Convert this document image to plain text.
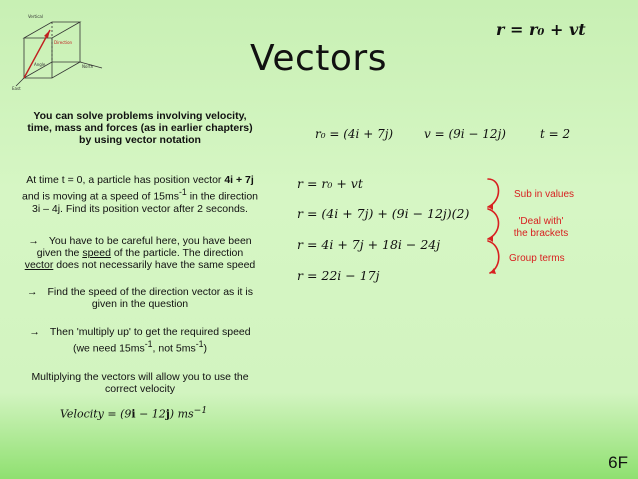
Vertical
Direction
Angle	North
East
Vectors
r = r₀ + vt
You can solve problems involving velocity, time, mass and forces (as in earlier chapters) by using vector notation
At time t = 0, a particle has position vector 4i + 7j and is moving at a speed of $15ms^{-1}$ in the direction 3i – 4j. Find its position vector after 2 seconds.

→ You have to be careful here, you have been given the speed of the particle. The direction vector does not necessarily have the same speed

→ Find the speed of the direction vector as it is given in the question

→ Then 'multiply up' to get the required speed (we need $15ms^{-1}$, not $5ms^{-1}$)

Multiplying the vectors will allow you to use the correct velocity
Velocity = (9i − 12j) $ms^{-1}$
r₀ = (4i + 7j)	v = (9i − 12j)	t = 2
r = r₀ + vt
r = (4i + 7j) + (9i − 12j)(2)
r = 4i + 7j + 18i − 24j
r = 22i − 17j
Sub in values
'Deal with'
the brackets
Group terms
6F
